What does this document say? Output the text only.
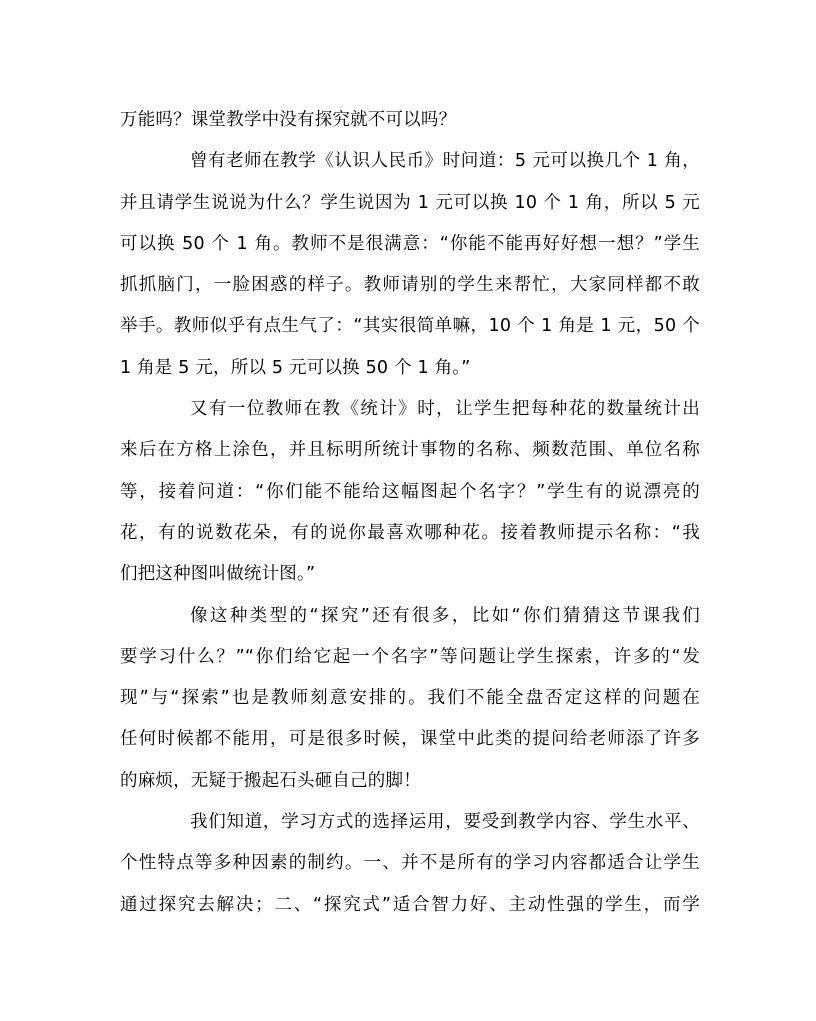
万能吗？课堂教学中没有探究就不可以吗？
曾有老师在教学《认识人民币》时问道：5 元可以换几个 1 角，
并且请学生说说为什么？学生说因为 1 元可以换 10 个 1 角，所以 5 元
可以换 50 个 1 角。教师不是很满意：“你能不能再好好想一想？”学生
抓抓脑门，一脸困惑的样子。教师请别的学生来帮忙，大家同样都不敢
举手。教师似乎有点生气了：“其实很简单嘛，10 个 1 角是 1 元，50 个
1 角是 5 元，所以 5 元可以换 50 个 1 角。”
又有一位教师在教《统计》时，让学生把每种花的数量统计出
来后在方格上涂色，并且标明所统计事物的名称、频数范围、单位名称
等，接着问道：“你们能不能给这幅图起个名字？”学生有的说漂亮的
花，有的说数花朵，有的说你最喜欢哪种花。接着教师提示名称：“我
们把这种图叫做统计图。”
像这种类型的“探究”还有很多，比如“你们猜猜这节课我们
要学习什么？”“你们给它起一个名字”等问题让学生探索，许多的“发
现”与“探索”也是教师刻意安排的。我们不能全盘否定这样的问题在
任何时候都不能用，可是很多时候，课堂中此类的提问给老师添了许多
的麻烦，无疑于搬起石头砸自己的脚！
我们知道，学习方式的选择运用，要受到教学内容、学生水平、
个性特点等多种因素的制约。一、并不是所有的学习内容都适合让学生
通过探究去解决；二、“探究式”适合智力好、主动性强的学生，而学
